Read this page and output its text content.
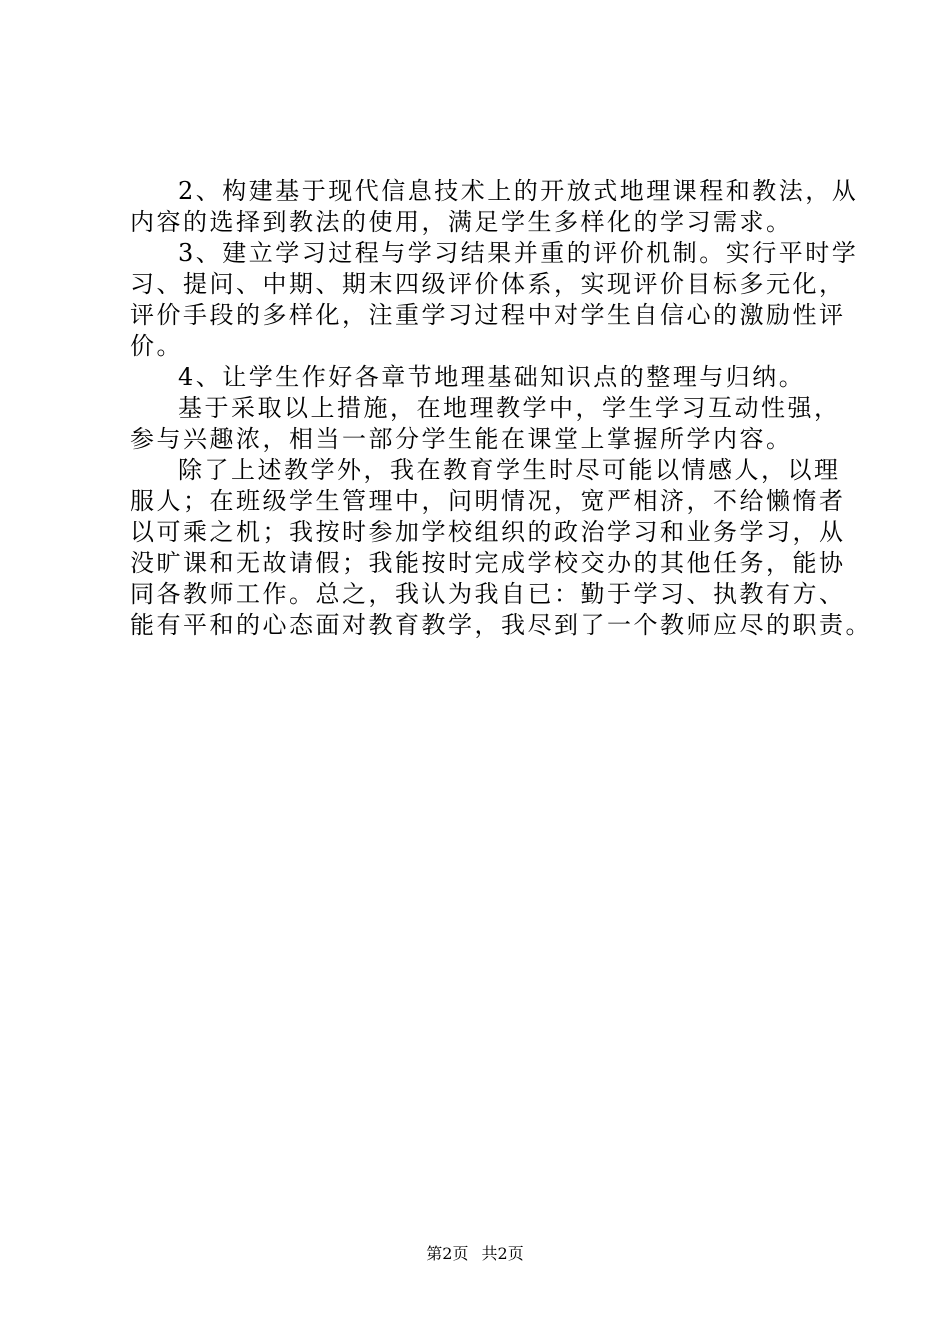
2、构建基于现代信息技术上的开放式地理课程和教法，从
内容的选择到教法的使用，满足学生多样化的学习需求。
3、建立学习过程与学习结果并重的评价机制。实行平时学
习、提问、中期、期末四级评价体系，实现评价目标多元化，
评价手段的多样化，注重学习过程中对学生自信心的激励性评
价。
4、让学生作好各章节地理基础知识点的整理与归纳。
基于采取以上措施，在地理教学中，学生学习互动性强，
参与兴趣浓，相当一部分学生能在课堂上掌握所学内容。
除了上述教学外，我在教育学生时尽可能以情感人，以理
服人；在班级学生管理中，问明情况，宽严相济，不给懒惰者
以可乘之机；我按时参加学校组织的政治学习和业务学习，从
没旷课和无故请假；我能按时完成学校交办的其他任务，能协
同各教师工作。总之，我认为我自已：勤于学习、执教有方、
能有平和的心态面对教育教学，我尽到了一个教师应尽的职责。
第2页 共2页
